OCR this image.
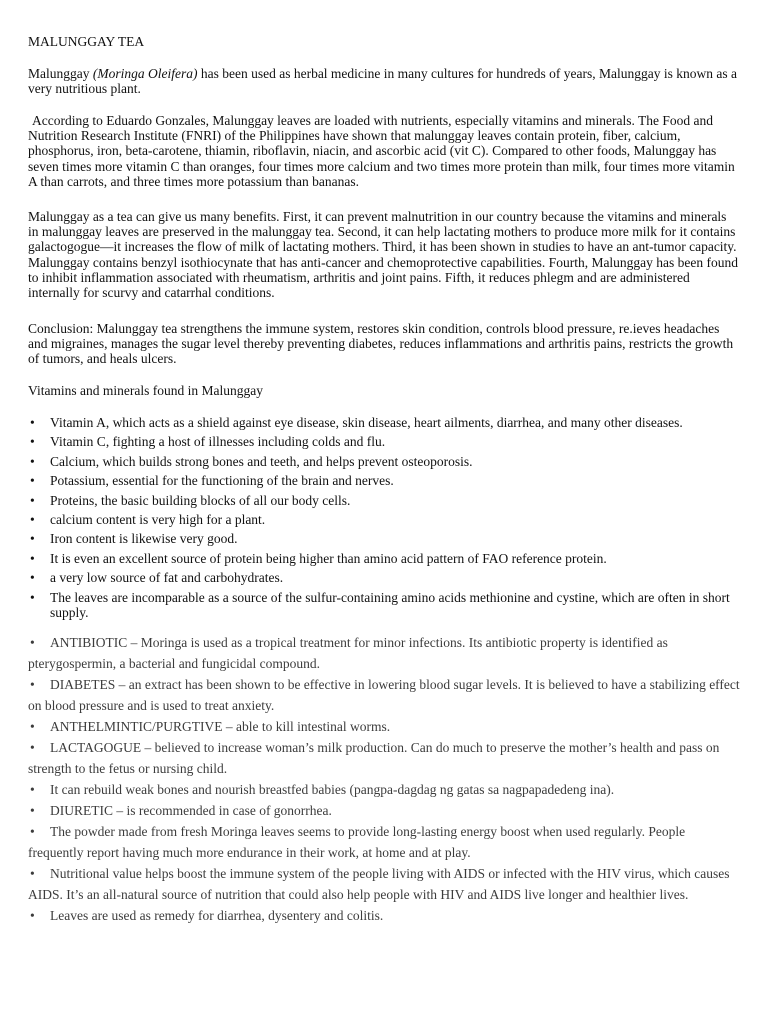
MALUNGGAY TEA

Malunggay (Moringa Oleifera) has been used as herbal medicine in many cultures for hundreds of years, Malunggay is known as a very nutritious plant.

According to Eduardo Gonzales, Malunggay leaves are loaded with nutrients, especially vitamins and minerals. The Food and Nutrition Research Institute (FNRI) of the Philippines have shown that malunggay leaves contain protein, fiber, calcium, phosphorus, iron, beta-carotene, thiamin, riboflavin, niacin, and ascorbic acid (vit C). Compared to other foods, Malunggay has seven times more vitamin C than oranges, four times more calcium and two times more protein than milk, four times more vitamin A than carrots, and three times more potassium than bananas.

Malunggay as a tea can give us many benefits. First, it can prevent malnutrition in our country because the vitamins and minerals in malunggay leaves are preserved in the malunggay tea. Second, it can help lactating mothers to produce more milk for it contains galactogogue—it increases the flow of milk of lactating mothers. Third, it has been shown in studies to have an ant-tumor capacity. Malunggay contains benzyl isothiocynate that has anti-cancer and chemoprotective capabilities. Fourth, Malunggay has been found to inhibit inflammation associated with rheumatism, arthritis and joint pains. Fifth, it reduces phlegm and are administered internally for scurvy and catarrhal conditions.

Conclusion: Malunggay tea strengthens the immune system, restores skin condition, controls blood pressure, re.ieves headaches and migraines, manages the sugar level thereby preventing diabetes, reduces inflammations and arthritis pains, restricts the growth of tumors, and heals ulcers.

Vitamins and minerals found in Malunggay
• Vitamin A, which acts as a shield against eye disease, skin disease, heart ailments, diarrhea, and many other diseases.
• Vitamin C, fighting a host of illnesses including colds and flu.
• Calcium, which builds strong bones and teeth, and helps prevent osteoporosis.
• Potassium, essential for the functioning of the brain and nerves.
• Proteins, the basic building blocks of all our body cells.
• calcium content is very high for a plant.
• Iron content is likewise very good.
• It is even an excellent source of protein being higher than amino acid pattern of FAO reference protein.
• a very low source of fat and carbohydrates.
• The leaves are incomparable as a source of the sulfur-containing amino acids methionine and cystine, which are often in short supply.
• ANTIBIOTIC – Moringa is used as a tropical treatment for minor infections. Its antibiotic property is identified as pterygospermin, a bacterial and fungicidal compound.
• DIABETES – an extract has been shown to be effective in lowering blood sugar levels. It is believed to have a stabilizing effect on blood pressure and is used to treat anxiety.
• ANTHELMINTIC/PURGTIVE – able to kill intestinal worms.
• LACTAGOGUE – believed to increase woman’s milk production. Can do much to preserve the mother’s health and pass on strength to the fetus or nursing child.
• It can rebuild weak bones and nourish breastfed babies (pangpa-dagdag ng gatas sa nagpapadedeng ina).
• DIURETIC – is recommended in case of gonorrhea.
• The powder made from fresh Moringa leaves seems to provide long-lasting energy boost when used regularly. People frequently report having much more endurance in their work, at home and at play.
• Nutritional value helps boost the immune system of the people living with AIDS or infected with the HIV virus, which causes AIDS. It’s an all-natural source of nutrition that could also help people with HIV and AIDS live longer and healthier lives.
• Leaves are used as remedy for diarrhea, dysentery and colitis.
